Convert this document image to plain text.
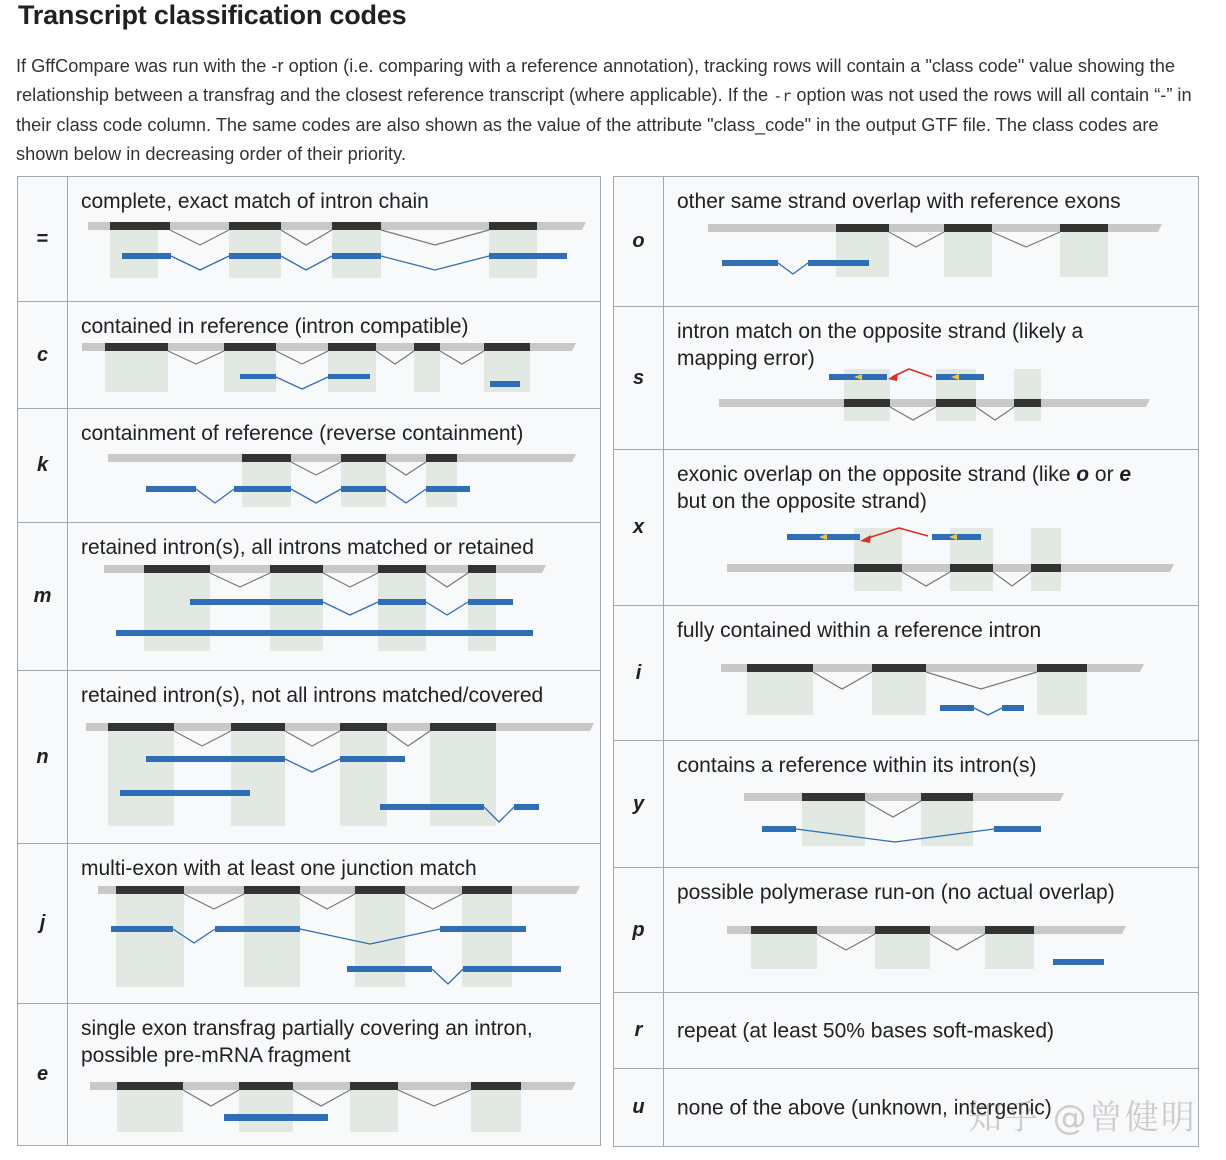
Transcript classification codes
If GffCompare was run with the -r option (i.e. comparing with a reference annotation), tracking rows will contain a "class code" value showing the relationship between a transfrag and the closest reference transcript (where applicable). If the -r option was not used the rows will all contain “-” in their class code column. The same codes are also shown as the value of the attribute "class_code" in the output GTF file. The class codes are shown below in decreasing order of their priority.
=	complete, exact match of intron chain

c	contained in reference (intron compatible)

k	containment of reference (reverse containment)

m	retained intron(s), all introns matched or retained

n	retained intron(s), not all introns matched/covered

j	multi-exon with at least one junction match

e	single exon transfrag partially covering an intron,
possible pre-mRNA fragment
o	other same strand overlap with reference exons

s	intron match on the opposite strand (likely a
mapping error)

x	exonic overlap on the opposite strand (like o or e
but on the opposite strand)

i	fully contained within a reference intron

y	contains a reference within its intron(s)

p	possible polymerase run-on (no actual overlap)

r	repeat (at least 50% bases soft-masked)

u	none of the above (unknown, intergenic)
知乎 @曾健明
